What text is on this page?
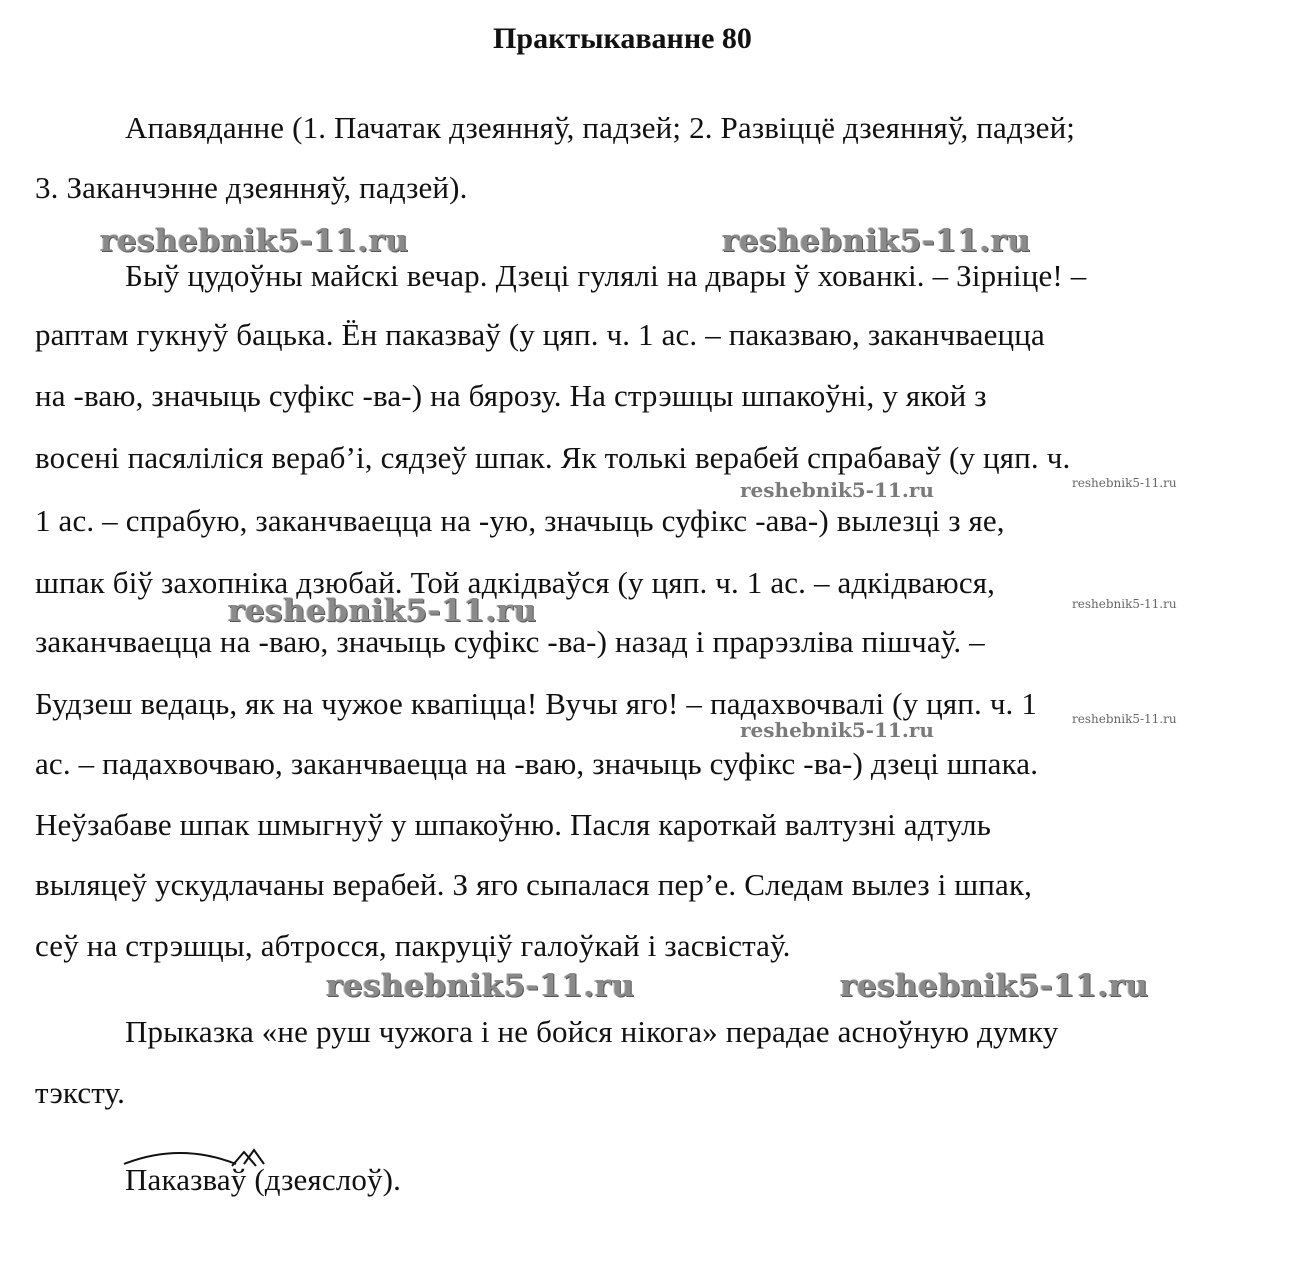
Практыкаванне 80
Апавяданне (1. Пачатак дзеянняў, падзей; 2. Развіццё дзеянняў, падзей;
3. Заканчэнне дзеянняў, падзей).
reshebnik5-11.ru	reshebnik5-11.ru
Быў цудоўны майскі вечар. Дзеці гулялі на двары ў хованкі. – Зірніце! –
раптам гукнуў бацька. Ён паказваў (у цяп. ч. 1 ас. – паказваю, заканчваецца
на -ваю, значыць суфікс -ва-) на бярозу. На стрэшцы шпакоўні, у якой з
восені пасяліліся вераб’і, сядзеў шпак. Як толькі верабей спрабаваў (у цяп. ч.
reshebnik5-11.ru	reshebnik5-11.ru
1 ас. – спрабую, заканчваецца на -ую, значыць суфікс -ава-) вылезці з яе,
шпак біў захопніка дзюбай. Той адкідваўся (у цяп. ч. 1 ас. – адкідваюся,
reshebnik5-11.ru	reshebnik5-11.ru
заканчваецца на -ваю, значыць суфікс -ва-) назад і прарэзліва пішчаў. –
Будзеш ведаць, як на чужое квапіцца! Вучы яго! – падахвочвалі (у цяп. ч. 1
reshebnik5-11.ru	reshebnik5-11.ru
ас. – падахвочваю, заканчваецца на -ваю, значыць суфікс -ва-) дзеці шпака.
Неўзабаве шпак шмыгнуў у шпакоўню. Пасля кароткай валтузні адтуль
выляцеў ускудлачаны верабей. З яго сыпалася пер’е. Следам вылез і шпак,
сеў на стрэшцы, абтросся, пакруціў галоўкай і засвістаў.
reshebnik5-11.ru	reshebnik5-11.ru
Прыказка «не руш чужога і не бойся нікога» перадае асноўную думку
тэксту.
Паказваў (дзеяслоў).
